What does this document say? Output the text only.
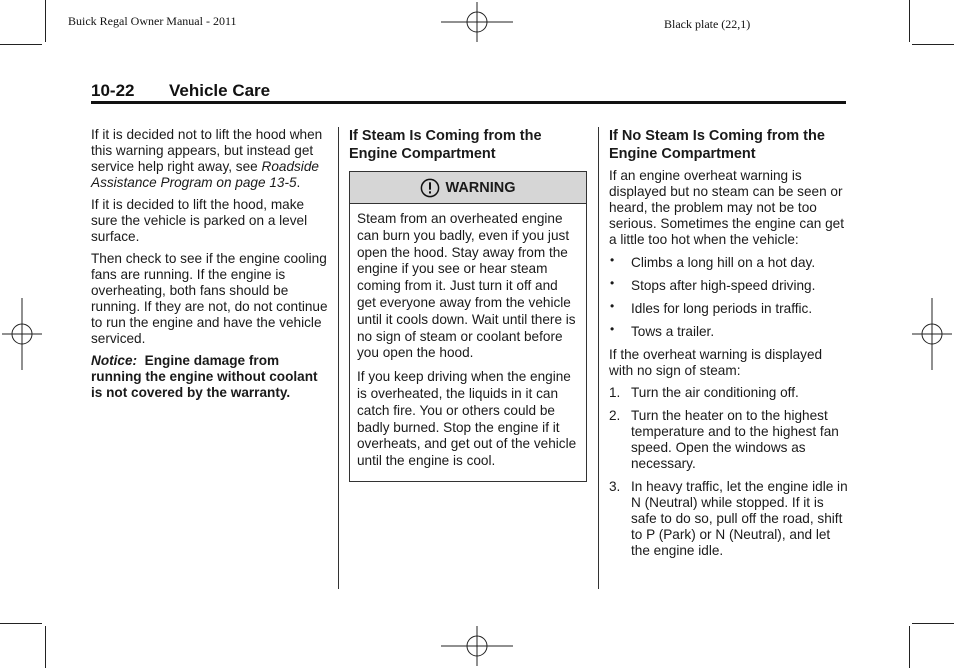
Buick Regal Owner Manual - 2011	Black plate (22,1)
10-22 Vehicle Care

If it is decided not to lift the hood when this warning appears, but instead get service help right away, see Roadside Assistance Program on page 13-5.

If it is decided to lift the hood, make sure the vehicle is parked on a level surface.

Then check to see if the engine cooling fans are running. If the engine is overheating, both fans should be running. If they are not, do not continue to run the engine and have the vehicle serviced.

Notice: Engine damage from running the engine without coolant is not covered by the warranty.

If Steam Is Coming from the Engine Compartment
WARNING

Steam from an overheated engine can burn you badly, even if you just open the hood. Stay away from the engine if you see or hear steam coming from it. Just turn it off and get everyone away from the vehicle until it cools down. Wait until there is no sign of steam or coolant before you open the hood.

If you keep driving when the engine is overheated, the liquids in it can catch fire. You or others could be badly burned. Stop the engine if it overheats, and get out of the vehicle until the engine is cool.

If No Steam Is Coming from the Engine Compartment

If an engine overheat warning is displayed but no steam can be seen or heard, the problem may not be too serious. Sometimes the engine can get a little too hot when the vehicle:

• Climbs a long hill on a hot day.
• Stops after high-speed driving.
• Idles for long periods in traffic.
• Tows a trailer.

If the overheat warning is displayed with no sign of steam:

1. Turn the air conditioning off.
2. Turn the heater on to the highest temperature and to the highest fan speed. Open the windows as necessary.
3. In heavy traffic, let the engine idle in N (Neutral) while stopped. If it is safe to do so, pull off the road, shift to P (Park) or N (Neutral), and let the engine idle.
